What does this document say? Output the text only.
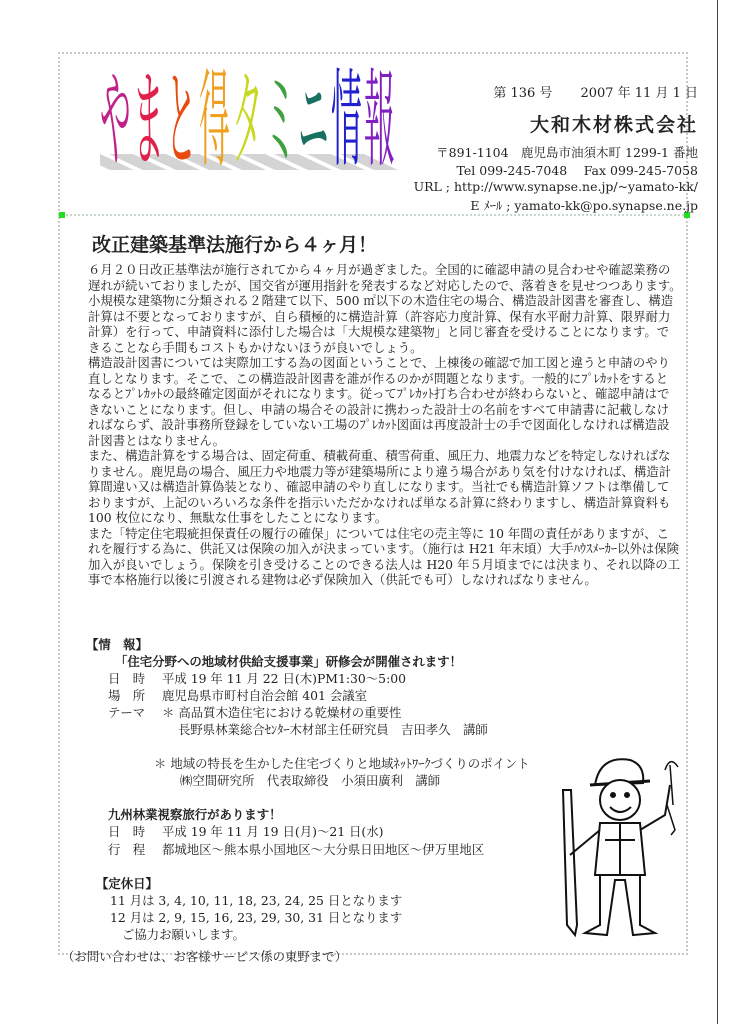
や ま と 得 タ ミ ニ 情 報	第 136 号 2007 年 11 月 1 日
大和木材株式会社
〒891-1104　鹿児島市油須木町 1299-1 番地
Tel 099-245-7048　 Fax 099-245-7058
URL ; http://www.synapse.ne.jp/~yamato-kk/
E ﾒｰﾙ ; yamato-kk@po.synapse.ne.jp
改正建築基準法施行から４ヶ月！
６月２０日改正基準法が施行されてから４ヶ月が過ぎました。全国的に確認申請の見合わせや確認業務の
遅れが続いておりましたが、国交省が運用指針を発表するなど対応したので、落着きを見せつつあります。
小規模な建築物に分類される２階建て以下、500 ㎡以下の木造住宅の場合、構造設計図書を審査し、構造
計算は不要となっておりますが、自ら積極的に構造計算（許容応力度計算、保有水平耐力計算、限界耐力
計算）を行って、申請資料に添付した場合は「大規模な建築物」と同じ審査を受けることになります。で
きることなら手間もコストもかけないほうが良いでしょう。
構造設計図書については実際加工する為の図面ということで、上棟後の確認で加工図と違うと申請のやり
直しとなります。そこで、この構造設計図書を誰が作るのかが問題となります。一般的にﾌﾟﾚｶｯﾄをすると
なるとﾌﾟﾚｶｯﾄの最終確定図面がそれになります。従ってﾌﾟﾚｶｯﾄ打ち合わせが終わらないと、確認申請はで
きないことになります。但し、申請の場合その設計に携わった設計士の名前をすべて申請書に記載しなけ
ればならず、設計事務所登録をしていない工場のﾌﾟﾚｶｯﾄ図面は再度設計士の手で図面化しなければ構造設
計図書とはなりません。
また、構造計算をする場合は、固定荷重、積載荷重、積雪荷重、風圧力、地震力などを特定しなければな
りません。鹿児島の場合、風圧力や地震力等が建築場所により違う場合があり気を付けなければ、構造計
算間違い又は構造計算偽装となり、確認申請のやり直しになります。当社でも構造計算ソフトは準備して
おりますが、上記のいろいろな条件を指示いただかなければ単なる計算に終わりますし、構造計算資料も
100 枚位になり、無駄な仕事をしたことになります。
また「特定住宅瑕疵担保責任の履行の確保」については住宅の売主等に 10 年間の責任がありますが、こ
れを履行する為に、供託又は保険の加入が決まっています。（施行は H21 年末頃）大手ﾊｳｽﾒｰｶｰ以外は保険
加入が良いでしょう。保険を引き受けることのできる法人は H20 年５月頃までには決まり、それ以降の工
事で本格施行以後に引渡される建物は必ず保険加入（供託でも可）しなければなりません。
【情　報】
「住宅分野への地域材供給支援事業」研修会が開催されます！
日　時 平成 19 年 11 月 22 日(木)PM1:30～5:00
場　所 鹿児島県市町村自治会館 401 会議室
テーマ ＊ 高品質木造住宅における乾燥材の重要性
長野県林業総合ｾﾝﾀｰ木材部主任研究員　吉田孝久　講師
＊ 地域の特長を生かした住宅づくりと地域ﾈｯﾄﾜｰｸづくりのポイント
㈱空間研究所　代表取締役　小須田廣利　講師
九州林業視察旅行があります！
日　時 平成 19 年 11 月 19 日(月)～21 日(水)
行　程 都城地区～熊本県小国地区～大分県日田地区～伊万里地区
【定休日】
11 月は 3, 4, 10, 11, 18, 23, 24, 25 日となります
12 月は 2, 9, 15, 16, 23, 29, 30, 31 日となります
ご協力お願いします。
（お問い合わせは、お客様サービス係の東野まで）
